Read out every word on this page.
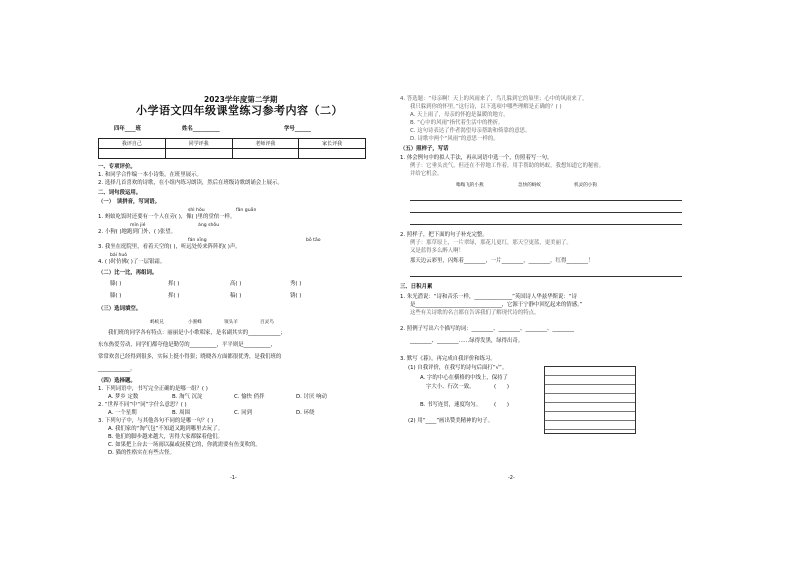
2023学年度第二学期
小学语文四年级课堂练习参考内容（二）
四年____班	姓名__________	学号______
我评自己	同学评我	老师评我	家长评我

一、专项评价。
1. 和同学合作编一本小诗集，在班里展示。
2. 选择几首喜欢的诗歌，在小组内练习朗读，然后在班级诗歌朗诵会上展示。
二、词句段运用。
（一）　读拼音，写词语。
shì hòu	fǎn guān
1. 蚂蚁吃饭时还要有一个人在旁( )，像( )里的堂倌一样。
mǐn jié	áng shǒu
2. 小狗( )地跑到门外，( )张望。
fán xīng	bō tāo
3. 我坐在庭院里，看着天空的( )，听远处传来阵阵的( )声。
bái huò
4. ( )时仿佛( )了一层银霜。
（二）比一比，再组词。
滕( )	挥( )	高( )	秀( )
滕( )	挥( )	稿( )	锈( )
（三）选词填空。
蚂蚁兄	小蜜蜂	领头羊	百灵鸟
我们班的同学各有特点：丽丽是小小歌唱家，是名副其实的____________；
东东热爱劳动，同学们都夸他是勤劳的__________，平平则是__________，
常常欢喜已经得到很多，实际上挺小得狠；晓晓各方面都很优秀，是我们班的
____________。
（四）选择题。
1. 下列词语中，书写完全正确的是哪一组？( )
A. 梦乡 定数	B. 淘气 沉淀	C. 愉快 俏拌	D. 讨厌 响动
2. “世界不同”中“同”字什么意思？( )
A. 一个星期	B. 周围	C. 同到	D. 环绕
3. 下列句子中，与其他各句不同的是哪一句？( )
A. 我们家的“淘气包”不知道又跑到哪里去玩了。
B. 他们的脚步越来越大，害得大家都躲着他们。
C. 如果把上台去一场雨以赢或抚摸它的，你就需要有鱼变吹的。
D. 猫的性格实在有些古怪。
-1-
4. 答选题：“母亲啊！天上的风雨来了，鸟儿躲到它的巢里；心中的风雨来了，
我只躲到你的怀里。”这行诗，以下选项中哪些理解是正确的？( )
A. 天上雨了，母亲的怀抱是温暖的地方。
B. “心中的风雨”指代着生活中的挫折。
C. 这句诗表达了作者渴望母亲帮助和倚靠的意思。
D. 诗歌中两个“风雨”的意思一样的。
（五）照样子，写话
1. 体会例句中的拟人手法，再从词语中选一个，仿照着写一句。
例子：它垂头丧气，但还在不停地工作着，用手帮助的蚂蚁，我想知道它的秘密。
并给它机会。
嗡嗡飞的小燕	急快的蚂蚁	机灵的小狗
2. 照样子，把下面的句子补充完整。
例子：那草原上，一片翠绿，那花儿更红，那天空更蓝，更美丽了。
又是蓝得多么醉人啊！
那天边云彩里，闪烁着________，一片________，________，红得________！
三、日积月累
1. 朱光潜说：“诗和音乐一样，______________”英国诗人华兹华斯说：“诗
是________________________________，它源于宁静中回忆起来的情感。”
这些有关诗歌的名言都在告诉我们了解现代诗的特点。
2. 照例子写出六个描写的词：________、________、________、________
________、________……绿得发黑，绿得出奇。
3. 默写《暮》，再完成自我评价和练习。
(1) 自我评价，在我写的诗句后面打“√”。
A. 字的中心在横格的中线上，保持了
字大小、行次一致。
B. 书写连贯，速度均匀。
(2) 用“____”画出赞美精神的句子。
(　　)
(　　)
-2-
